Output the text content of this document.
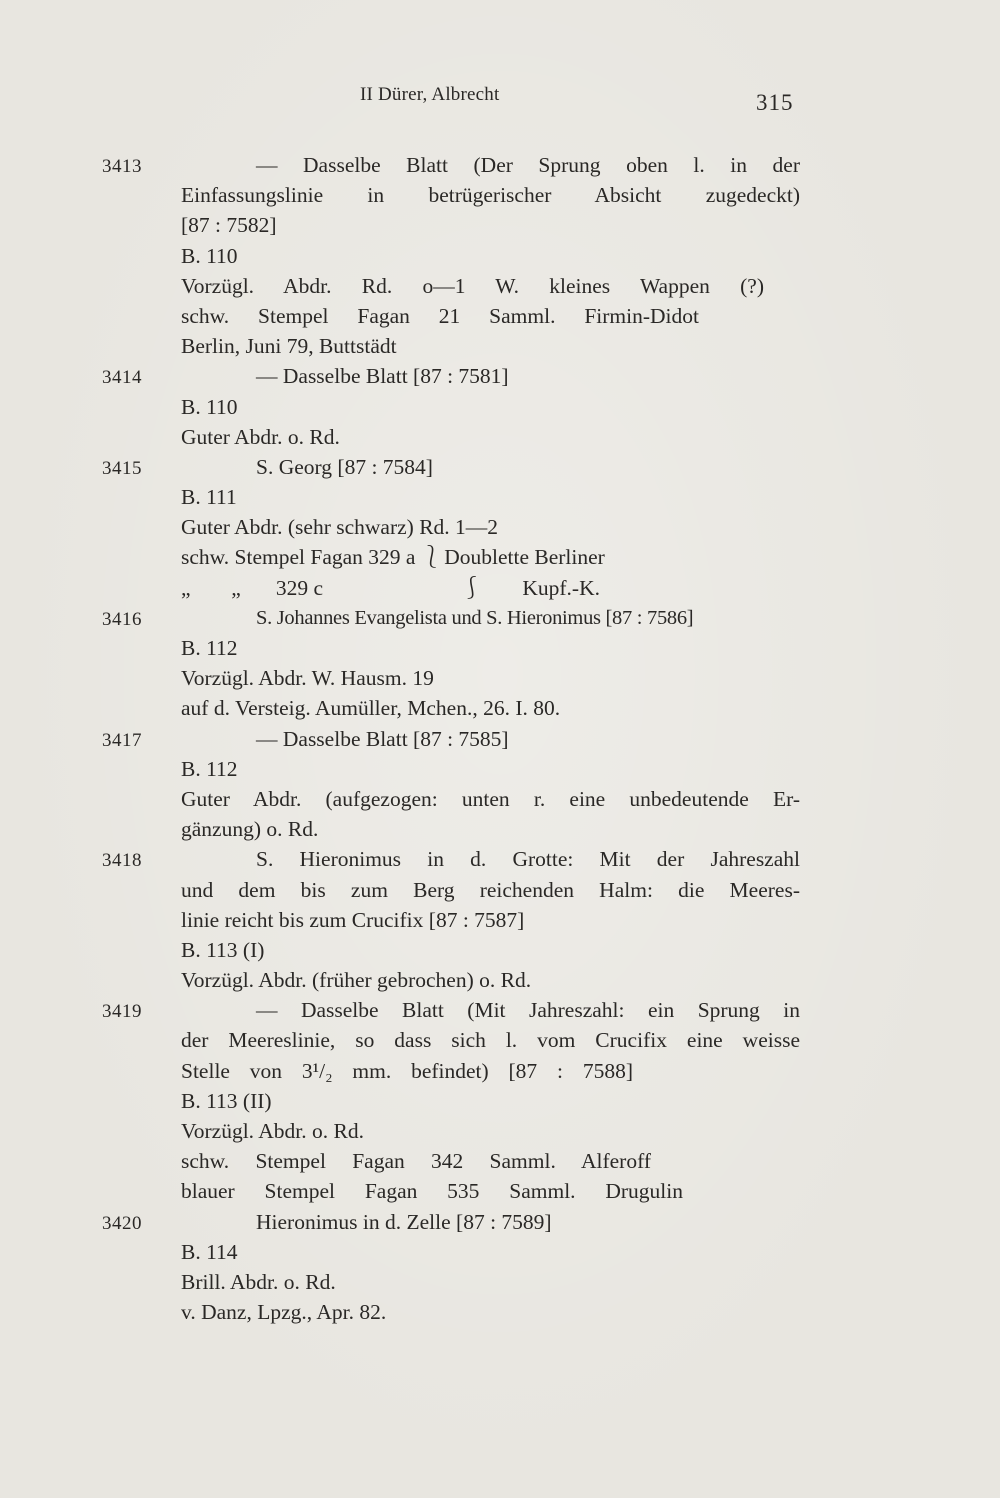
II Dürer, Albrecht	315
3413	— Dasselbe Blatt (Der Sprung oben l. in der
Einfassungslinie in betrügerischer Absicht zugedeckt)
[87 : 7582]
B. 110
Vorzügl. Abdr. Rd. o—1 W. kleines Wappen (?)
schw. Stempel Fagan 21 Samml. Firmin-Didot
Berlin, Juni 79, Buttstädt
3414	— Dasselbe Blatt [87 : 7581]
B. 110
Guter Abdr. o. Rd.
3415	S. Georg [87 : 7584]
B. 111
Guter Abdr. (sehr schwarz) Rd. 1—2
schw. Stempel Fagan 329 a ⎱ Doublette Berliner
„ „ 329 c	⎰ Kupf.-K.
3416	S. Johannes Evangelista und S. Hieronimus [87 : 7586]
B. 112
Vorzügl. Abdr. W. Hausm. 19
auf d. Versteig. Aumüller, Mchen., 26. I. 80.
3417	— Dasselbe Blatt [87 : 7585]
B. 112
Guter Abdr. (aufgezogen: unten r. eine unbedeutende Er-
gänzung) o. Rd.
3418	S. Hieronimus in d. Grotte: Mit der Jahreszahl
und dem bis zum Berg reichenden Halm: die Meeres-
linie reicht bis zum Crucifix [87 : 7587]
B. 113 (I)
Vorzügl. Abdr. (früher gebrochen) o. Rd.
3419	— Dasselbe Blatt (Mit Jahreszahl: ein Sprung in
der Meereslinie, so dass sich l. vom Crucifix eine weisse
Stelle von 3¹/₂ mm. befindet) [87 : 7588]
B. 113 (II)
Vorzügl. Abdr. o. Rd.
schw. Stempel Fagan 342 Samml. Alferoff
blauer Stempel Fagan 535 Samml. Drugulin
3420	Hieronimus in d. Zelle [87 : 7589]
B. 114
Brill. Abdr. o. Rd.
v. Danz, Lpzg., Apr. 82.
